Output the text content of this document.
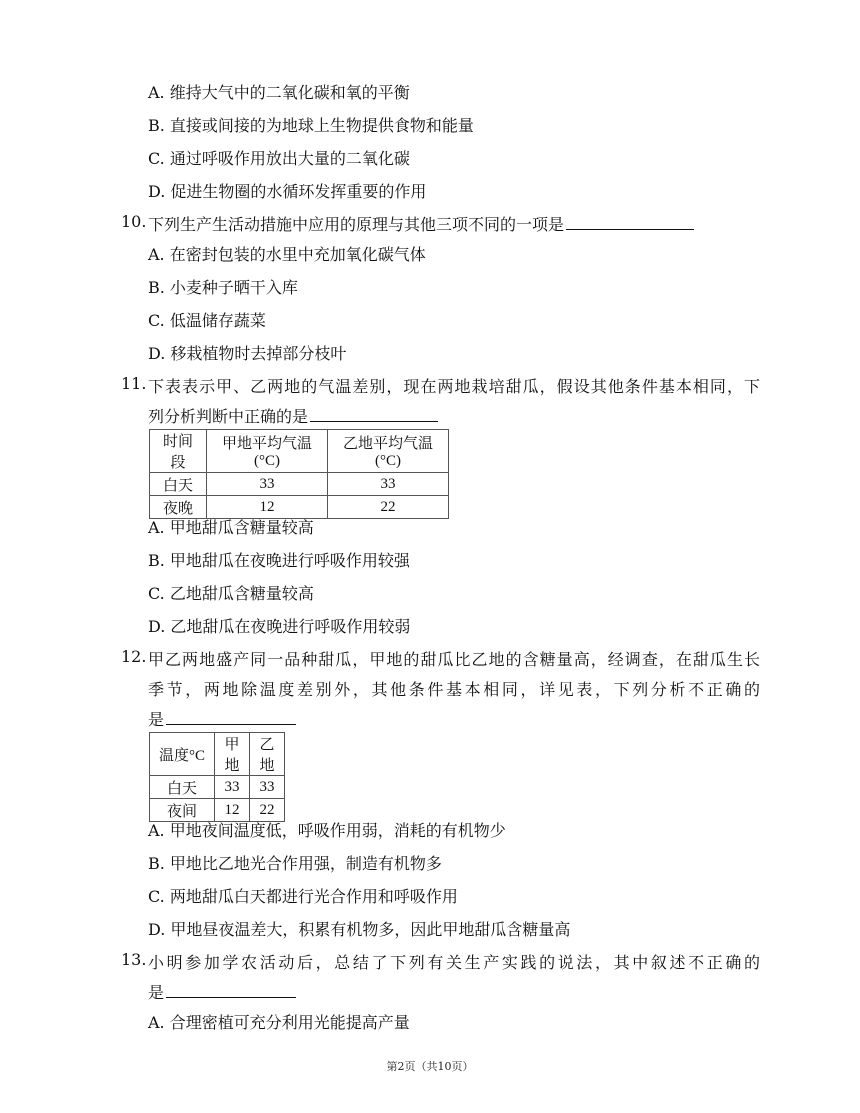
A. 维持大气中的二氧化碳和氧的平衡
B. 直接或间接的为地球上生物提供食物和能量
C. 通过呼吸作用放出大量的二氧化碳
D. 促进生物圈的水循环发挥重要的作用
10. 下列生产生活动措施中应用的原理与其他三项不同的一项是
A. 在密封包装的水里中充加氧化碳气体
B. 小麦种子晒干入库
C. 低温储存蔬菜
D. 移栽植物时去掉部分枝叶
11. 下表表示甲、乙两地的气温差别，现在两地栽培甜瓜，假设其他条件基本相同，下
列分析判断中正确的是
时间段	甲地平均气温(°C)	乙地平均气温(°C)
白天	33	33
夜晚	12	22
A. 甲地甜瓜含糖量较高
B. 甲地甜瓜在夜晚进行呼吸作用较强
C. 乙地甜瓜含糖量较高
D. 乙地甜瓜在夜晚进行呼吸作用较弱
12. 甲乙两地盛产同一品种甜瓜，甲地的甜瓜比乙地的含糖量高，经调查，在甜瓜生长
季节，两地除温度差别外，其他条件基本相同，详见表，下列分析不正确的
是
温度°C	甲地	乙地
白天	33	33
夜间	12	22
A. 甲地夜间温度低，呼吸作用弱，消耗的有机物少
B. 甲地比乙地光合作用强，制造有机物多
C. 两地甜瓜白天都进行光合作用和呼吸作用
D. 甲地昼夜温差大，积累有机物多，因此甲地甜瓜含糖量高
13. 小明参加学农活动后，总结了下列有关生产实践的说法，其中叙述不正确的
是
A. 合理密植可充分利用光能提高产量
第2页（共10页）
